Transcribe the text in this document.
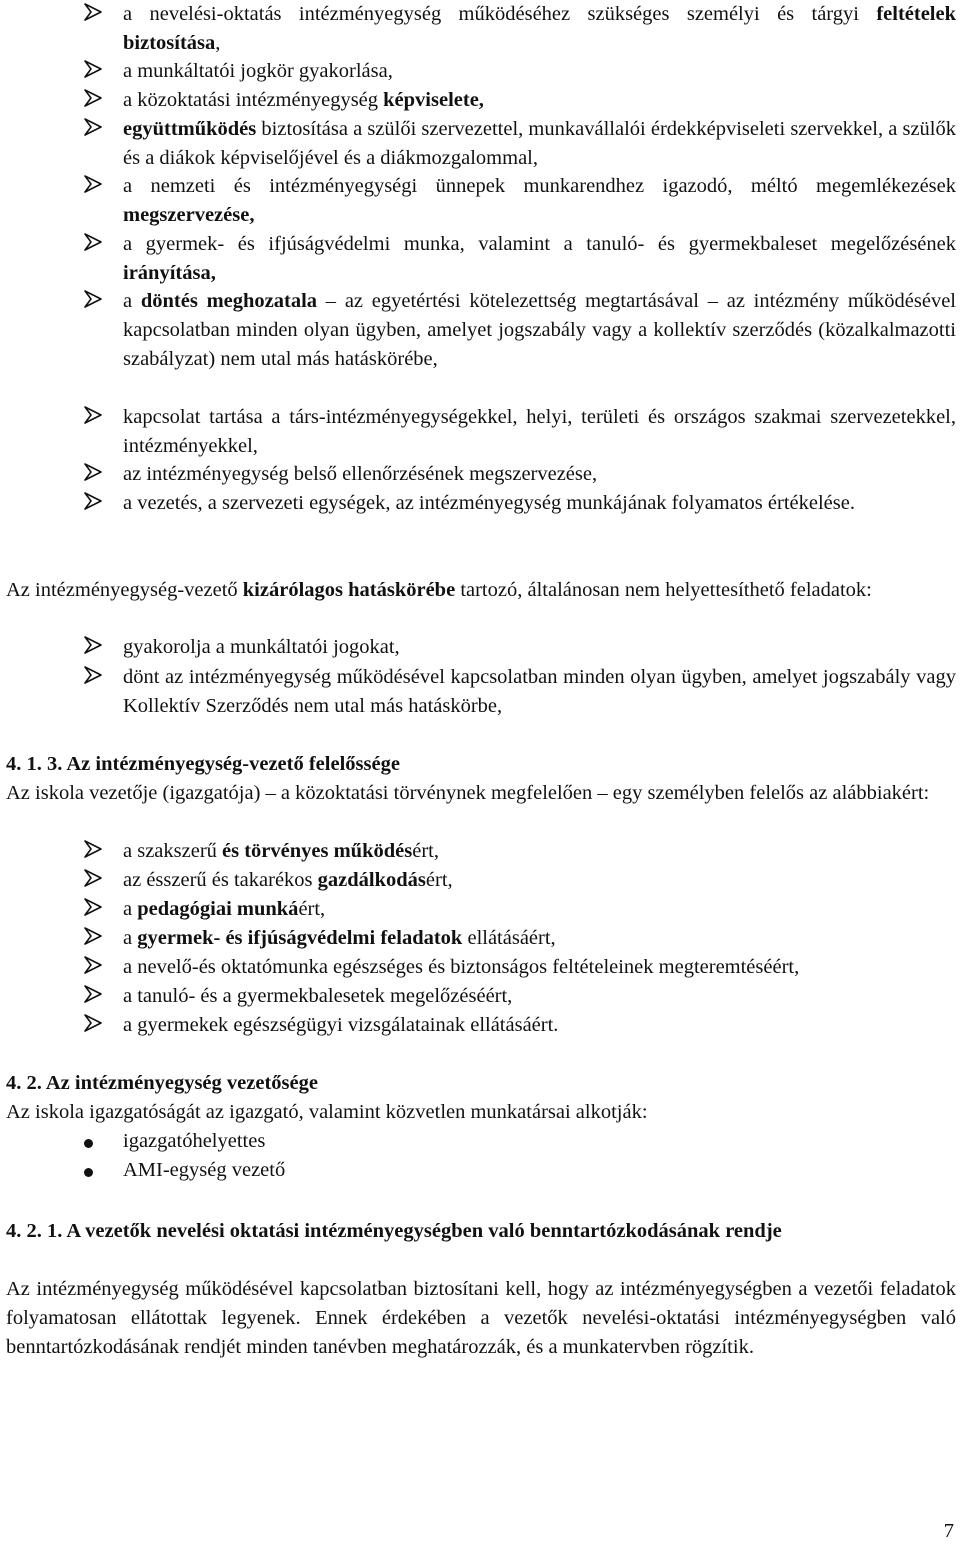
a nevelési-oktatás intézményegység működéséhez szükséges személyi és tárgyi feltételek biztosítása,
a munkáltatói jogkör gyakorlása,
a közoktatási intézményegység képviselete,
együttműködés biztosítása a szülői szervezettel, munkavállalói érdekképviseleti szervekkel, a szülők és a diákok képviselőjével és a diákmozgalommal,
a nemzeti és intézményegységi ünnepek munkarendhez igazodó, méltó megemlékezések megszervezése,
a gyermek- és ifjúságvédelmi munka, valamint a tanuló- és gyermekbaleset megelőzésének irányítása,
a döntés meghozatala – az egyetértési kötelezettség megtartásával – az intézmény működésével kapcsolatban minden olyan ügyben, amelyet jogszabály vagy a kollektív szerződés (közalkalmazotti szabályzat) nem utal más hatáskörébe,
kapcsolat tartása a társ-intézményegységekkel, helyi, területi és országos szakmai szervezetekkel, intézményekkel,
az intézményegység belső ellenőrzésének megszervezése,
a vezetés, a szervezeti egységek, az intézményegység munkájának folyamatos értékelése.
Az intézményegység-vezető kizárólagos hatáskörébe tartozó, általánosan nem helyettesíthető feladatok:
gyakorolja a munkáltatói jogokat,
dönt az intézményegység működésével kapcsolatban minden olyan ügyben, amelyet jogszabály vagy Kollektív Szerződés nem utal más hatáskörbe,
4. 1. 3. Az intézményegység-vezető felelőssége
Az iskola vezetője (igazgatója) – a közoktatási törvénynek megfelelően – egy személyben felelős az alábbiakért:
a szakszerű és törvényes működésért,
az ésszerű és takarékos gazdálkodásért,
a pedagógiai munkáért,
a gyermek- és ifjúságvédelmi feladatok ellátásáért,
a nevelő-és oktatómunka egészséges és biztonságos feltételeinek megteremtéséért,
a tanuló- és a gyermekbalesetek megelőzéséért,
a gyermekek egészségügyi vizsgálatainak ellátásáért.
4. 2. Az intézményegység vezetősége
Az iskola igazgatóságát az igazgató, valamint közvetlen munkatársai alkotják:
igazgatóhelyettes
AMI-egység vezető
4. 2. 1. A vezetők nevelési oktatási intézményegységben való benntartózkodásának rendje
Az intézményegység működésével kapcsolatban biztosítani kell, hogy az intézményegységben a vezetői feladatok folyamatosan ellátottak legyenek. Ennek érdekében a vezetők nevelési-oktatási intézményegységben való benntartózkodásának rendjét minden tanévben meghatározzák, és a munkatervben rögzítik.
7
